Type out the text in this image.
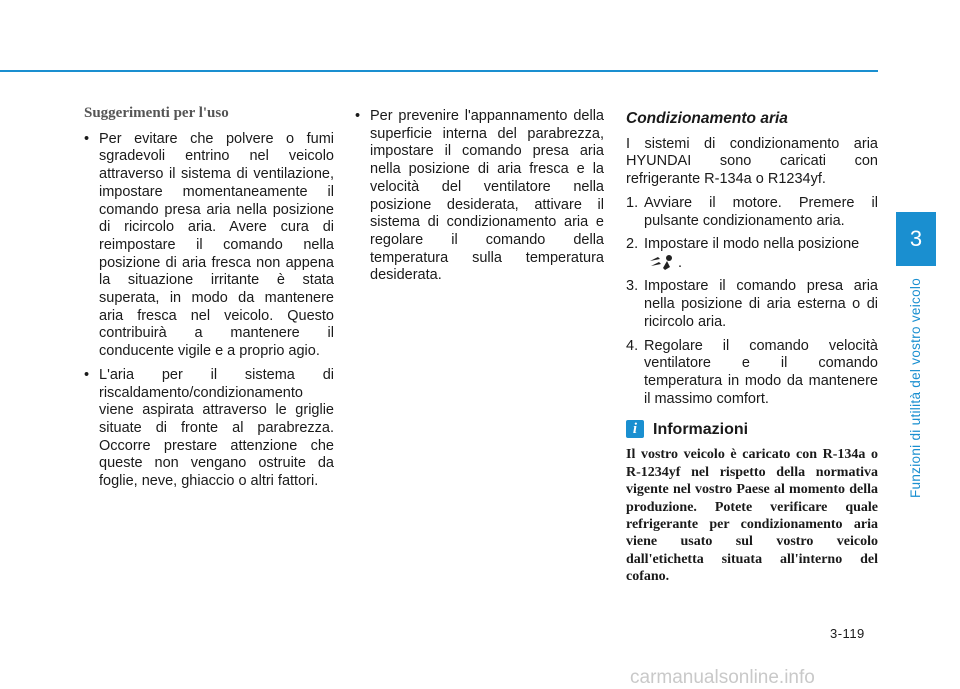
3
Funzioni di utilità del vostro veicolo

Suggerimenti per l'uso

• Per evitare che polvere o fumi sgradevoli entrino nel veicolo attraverso il sistema di ventilazione, impostare momentaneamente il comando presa aria nella posizione di ricircolo aria. Avere cura di reimpostare il comando nella posizione di aria fresca non appena la situazione irritante è stata superata, in modo da mantenere aria fresca nel veicolo. Questo contribuirà a mantenere il conducente vigile e a proprio agio.
• L'aria per il sistema di riscaldamento/condizionamento viene aspirata attraverso le griglie situate di fronte al parabrezza. Occorre prestare attenzione che queste non vengano ostruite da foglie, neve, ghiaccio o altri fattori.
• Per prevenire l'appannamento della superficie interna del parabrezza, impostare il comando presa aria nella posizione di aria fresca e la velocità del ventilatore nella posizione desiderata, attivare il sistema di condizionamento aria e regolare il comando della temperatura sulla temperatura desiderata.

Condizionamento aria

I sistemi di condizionamento aria HYUNDAI sono caricati con refrigerante R-134a o R1234yf.

1. Avviare il motore. Premere il pulsante condizionamento aria.
2. Impostare il modo nella posizione
.
3. Impostare il comando presa aria nella posizione di aria esterna o di ricircolo aria.
4. Regolare il comando velocità ventilatore e il comando temperatura in modo da mantenere il massimo comfort.
i Informazioni

Il vostro veicolo è caricato con R-134a o R-1234yf nel rispetto della normativa vigente nel vostro Paese al momento della produzione. Potete verificare quale refrigerante per condizionamento aria viene usato sul vostro veicolo dall'etichetta situata all'interno del cofano.

3-119
carmanualsonline.info
